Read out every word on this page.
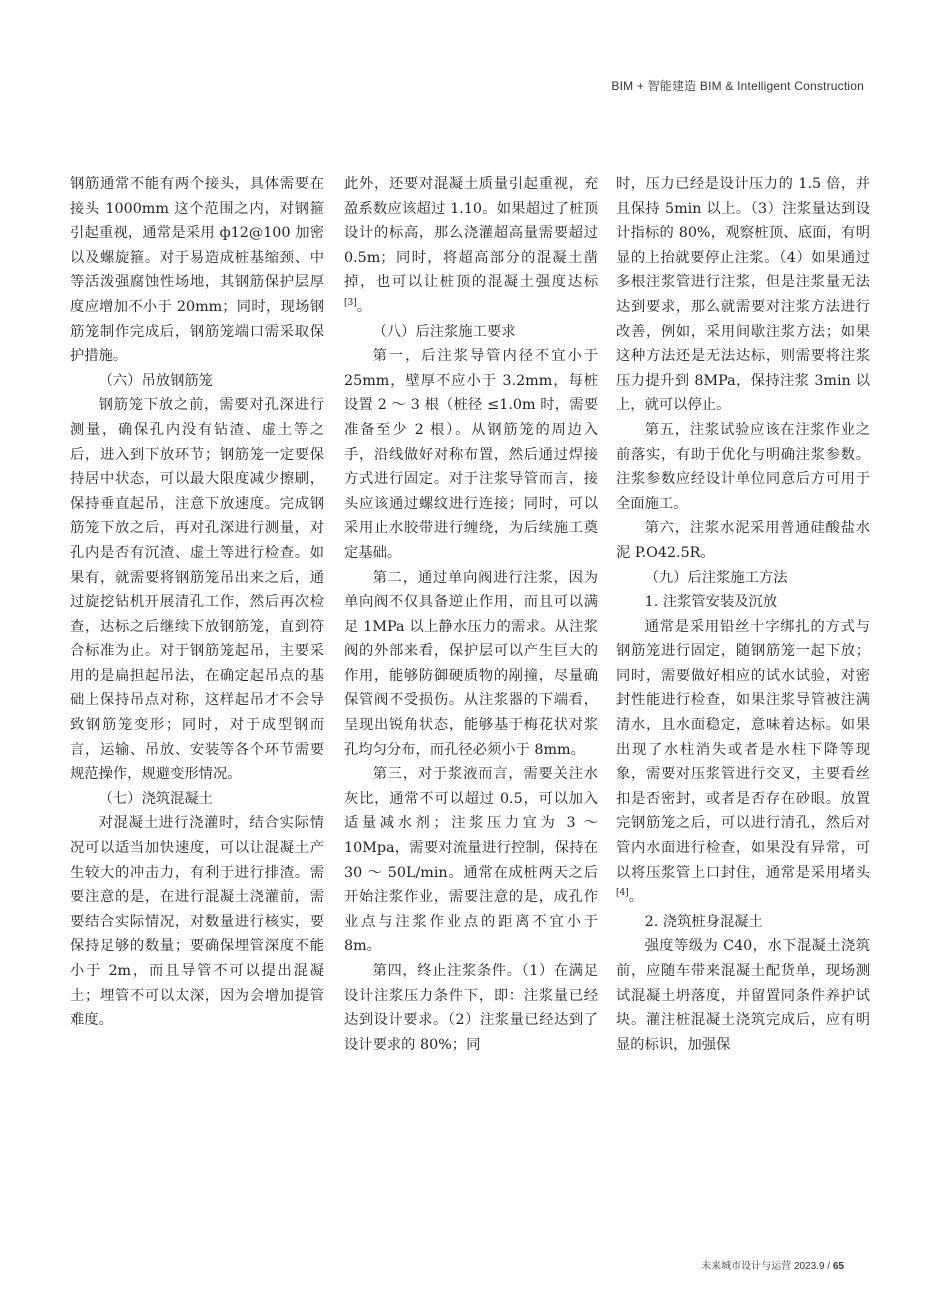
BIM + 智能建造 BIM & Intelligent Construction

钢筋通常不能有两个接头，具体需要在接头 1000mm 这个范围之内，对钢箍引起重视，通常是采用 ф12@100 加密以及螺旋箍。对于易造成桩基缩颈、中等活泼强腐蚀性场地，其钢筋保护层厚度应增加不小于 20mm；同时，现场钢筋笼制作完成后，钢筋笼端口需采取保护措施。

（六）吊放钢筋笼

钢筋笼下放之前，需要对孔深进行测量，确保孔内没有钻渣、虚土等之后，进入到下放环节；钢筋笼一定要保持居中状态，可以最大限度减少擦刷，保持垂直起吊，注意下放速度。完成钢筋笼下放之后，再对孔深进行测量，对孔内是否有沉渣、虚土等进行检查。如果有，就需要将钢筋笼吊出来之后，通过旋挖钻机开展清孔工作，然后再次检查，达标之后继续下放钢筋笼，直到符合标准为止。对于钢筋笼起吊，主要采用的是扁担起吊法，在确定起吊点的基础上保持吊点对称，这样起吊才不会导致钢筋笼变形；同时，对于成型钢而言，运输、吊放、安装等各个环节需要规范操作，规避变形情况。

（七）浇筑混凝土

对混凝土进行浇灌时，结合实际情况可以适当加快速度，可以让混凝土产生较大的冲击力，有利于进行排渣。需要注意的是，在进行混凝土浇灌前，需要结合实际情况，对数量进行核实，要保持足够的数量；要确保埋管深度不能小于 2m，而且导管不可以提出混凝土；埋管不可以太深，因为会增加提管难度。

此外，还要对混凝土质量引起重视，充盈系数应该超过 1.10。如果超过了桩顶设计的标高，那么浇灌超高量需要超过 0.5m；同时，将超高部分的混凝土凿掉，也可以让桩顶的混凝土强度达标[3]。

（八）后注浆施工要求

第一，后注浆导管内径不宜小于 25mm，壁厚不应小于 3.2mm，每桩设置 2 ～ 3 根（桩径 ≤1.0m 时，需要准备至少 2 根）。从钢筋笼的周边入手，沿线做好对称布置，然后通过焊接方式进行固定。对于注浆导管而言，接头应该通过螺纹进行连接；同时，可以采用止水胶带进行缠绕，为后续施工奠定基础。

第二，通过单向阀进行注浆，因为单向阀不仅具备逆止作用，而且可以满足 1MPa 以上静水压力的需求。从注浆阀的外部来看，保护层可以产生巨大的作用，能够防御硬质物的剐撞，尽量确保管阀不受损伤。从注浆器的下端看，呈现出锐角状态，能够基于梅花状对浆孔均匀分布，而孔径必须小于 8mm。

第三，对于浆液而言，需要关注水灰比，通常不可以超过 0.5，可以加入适量减水剂；注浆压力宜为 3 ～ 10Mpa，需要对流量进行控制，保持在 30 ～ 50L/min。通常在成桩两天之后开始注浆作业，需要注意的是，成孔作业点与注浆作业点的距离不宜小于 8m。

第四，终止注浆条件。（1）在满足设计注浆压力条件下，即：注浆量已经达到设计要求。（2）注浆量已经达到了设计要求的 80%；同

时，压力已经是设计压力的 1.5 倍，并且保持 5min 以上。（3）注浆量达到设计指标的 80%，观察桩顶、底面，有明显的上抬就要停止注浆。（4）如果通过多根注浆管进行注浆，但是注浆量无法达到要求，那么就需要对注浆方法进行改善，例如，采用间歇注浆方法；如果这种方法还是无法达标，则需要将注浆压力提升到 8MPa，保持注浆 3min 以上，就可以停止。

第五，注浆试验应该在注浆作业之前落实，有助于优化与明确注浆参数。注浆参数应经设计单位同意后方可用于全面施工。

第六，注浆水泥采用普通硅酸盐水泥 P.O42.5R。

（九）后注浆施工方法

1. 注浆管安装及沉放

通常是采用铅丝十字绑扎的方式与钢筋笼进行固定，随钢筋笼一起下放；同时，需要做好相应的试水试验，对密封性能进行检查，如果注浆导管被注满清水，且水面稳定，意味着达标。如果出现了水柱消失或者是水柱下降等现象，需要对压浆管进行交叉，主要看丝扣是否密封，或者是否存在砂眼。放置完钢筋笼之后，可以进行清孔，然后对管内水面进行检查，如果没有异常，可以将压浆管上口封住，通常是采用堵头[4]。

2. 浇筑桩身混凝土

强度等级为 C40，水下混凝土浇筑前，应随车带来混凝土配货单，现场测试混凝土坍落度，并留置同条件养护试块。灌注桩混凝土浇筑完成后，应有明显的标识，加强保

未来城市设计与运营 2023.9 / 65
